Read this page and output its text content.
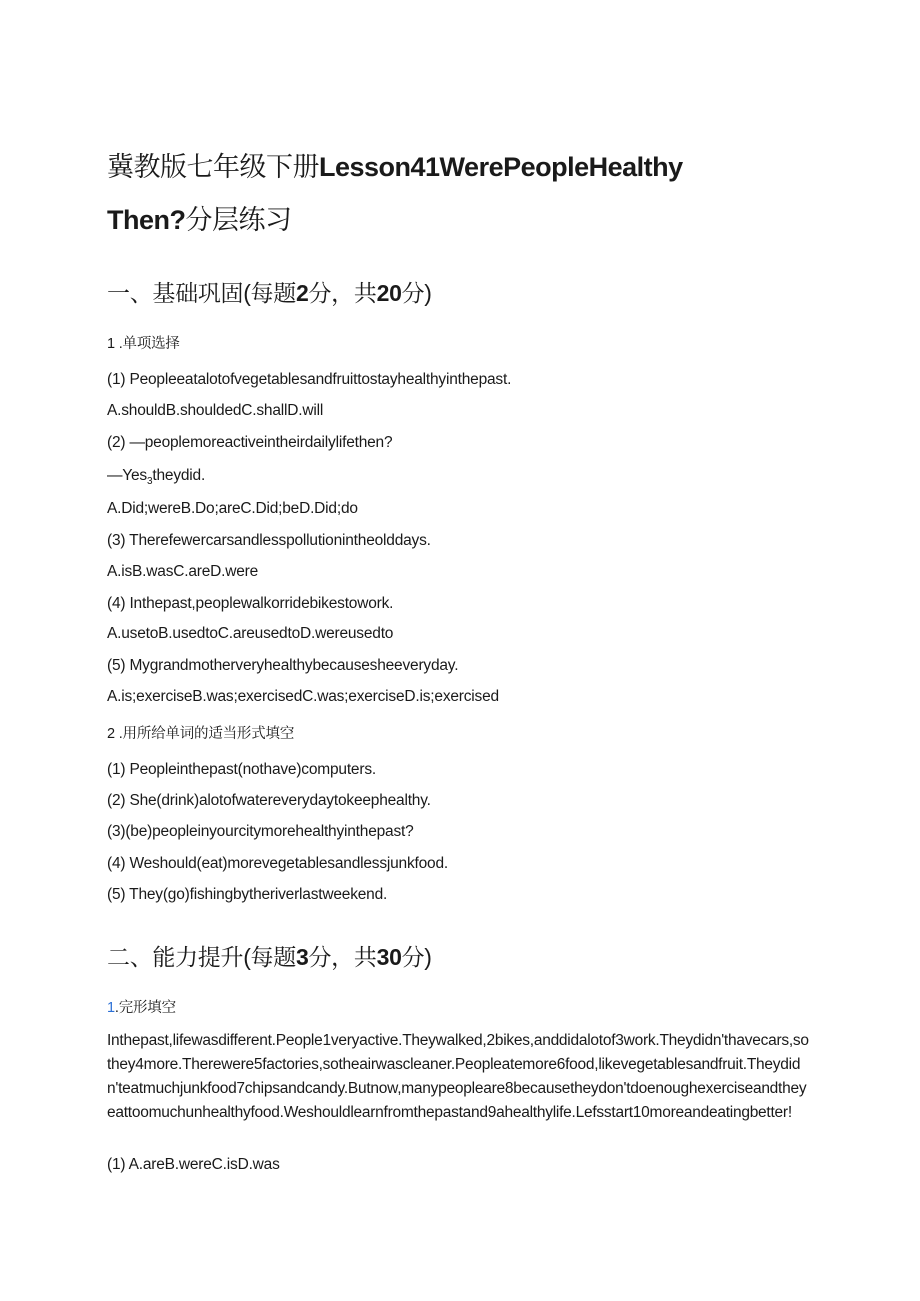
冀教版七年级下册Lesson41WerePeopleHealthy
Then?分层练习
一、基础巩固(每题2分，共20分)
1 .单项选择
(1) Peopleeatalotofvegetablesandfruittostayhealthyinthepast.
A.shouldB.shouldedC.shallD.will
(2) —peoplemoreactiveintheirdailylifethen?
—Yes$_3$theydid.
A.Did;wereB.Do;areC.Did;beD.Did;do
(3) Therefewercarsandlesspollutionintheolddays.
A.isB.wasC.areD.were
(4) Inthepast,peoplewalkorridebikestowork.
A.usetoB.usedtoC.areusedtoD.wereusedto
(5) Mygrandmotherveryhealthybecausesheeveryday.
A.is;exerciseB.was;exercisedC.was;exerciseD.is;exercised
2 .用所给单词的适当形式填空
(1) Peopleinthepast(nothave)computers.
(2) She(drink)alotofwatereverydaytokeephealthy.
(3)(be)peopleinyourcitymorehealthyinthepast?
(4) Weshould(eat)morevegetablesandlessjunkfood.
(5) They(go)fishingbytheriverlastweekend.
二、能力提升(每题3分，共30分)
1.完形填空
Inthepast,lifewasdifferent.People1veryactive.Theywalked,2bikes,anddidalotof3work.Theydidn'thavecars,sothey4more.Therewere5factories,sotheairwascleaner.Peopleatemore6food,likevegetablesandfruit.Theydidn'teatmuchjunkfood7chipsandcandy.Butnow,manypeopleare8becausetheydon'tdoenoughexerciseandtheyeattoomuchunhealthyfood.Weshouldlearnfromthepastand9ahealthylife.Lefsstart10moreandeatingbetter!
(1) A.areB.wereC.isD.was
